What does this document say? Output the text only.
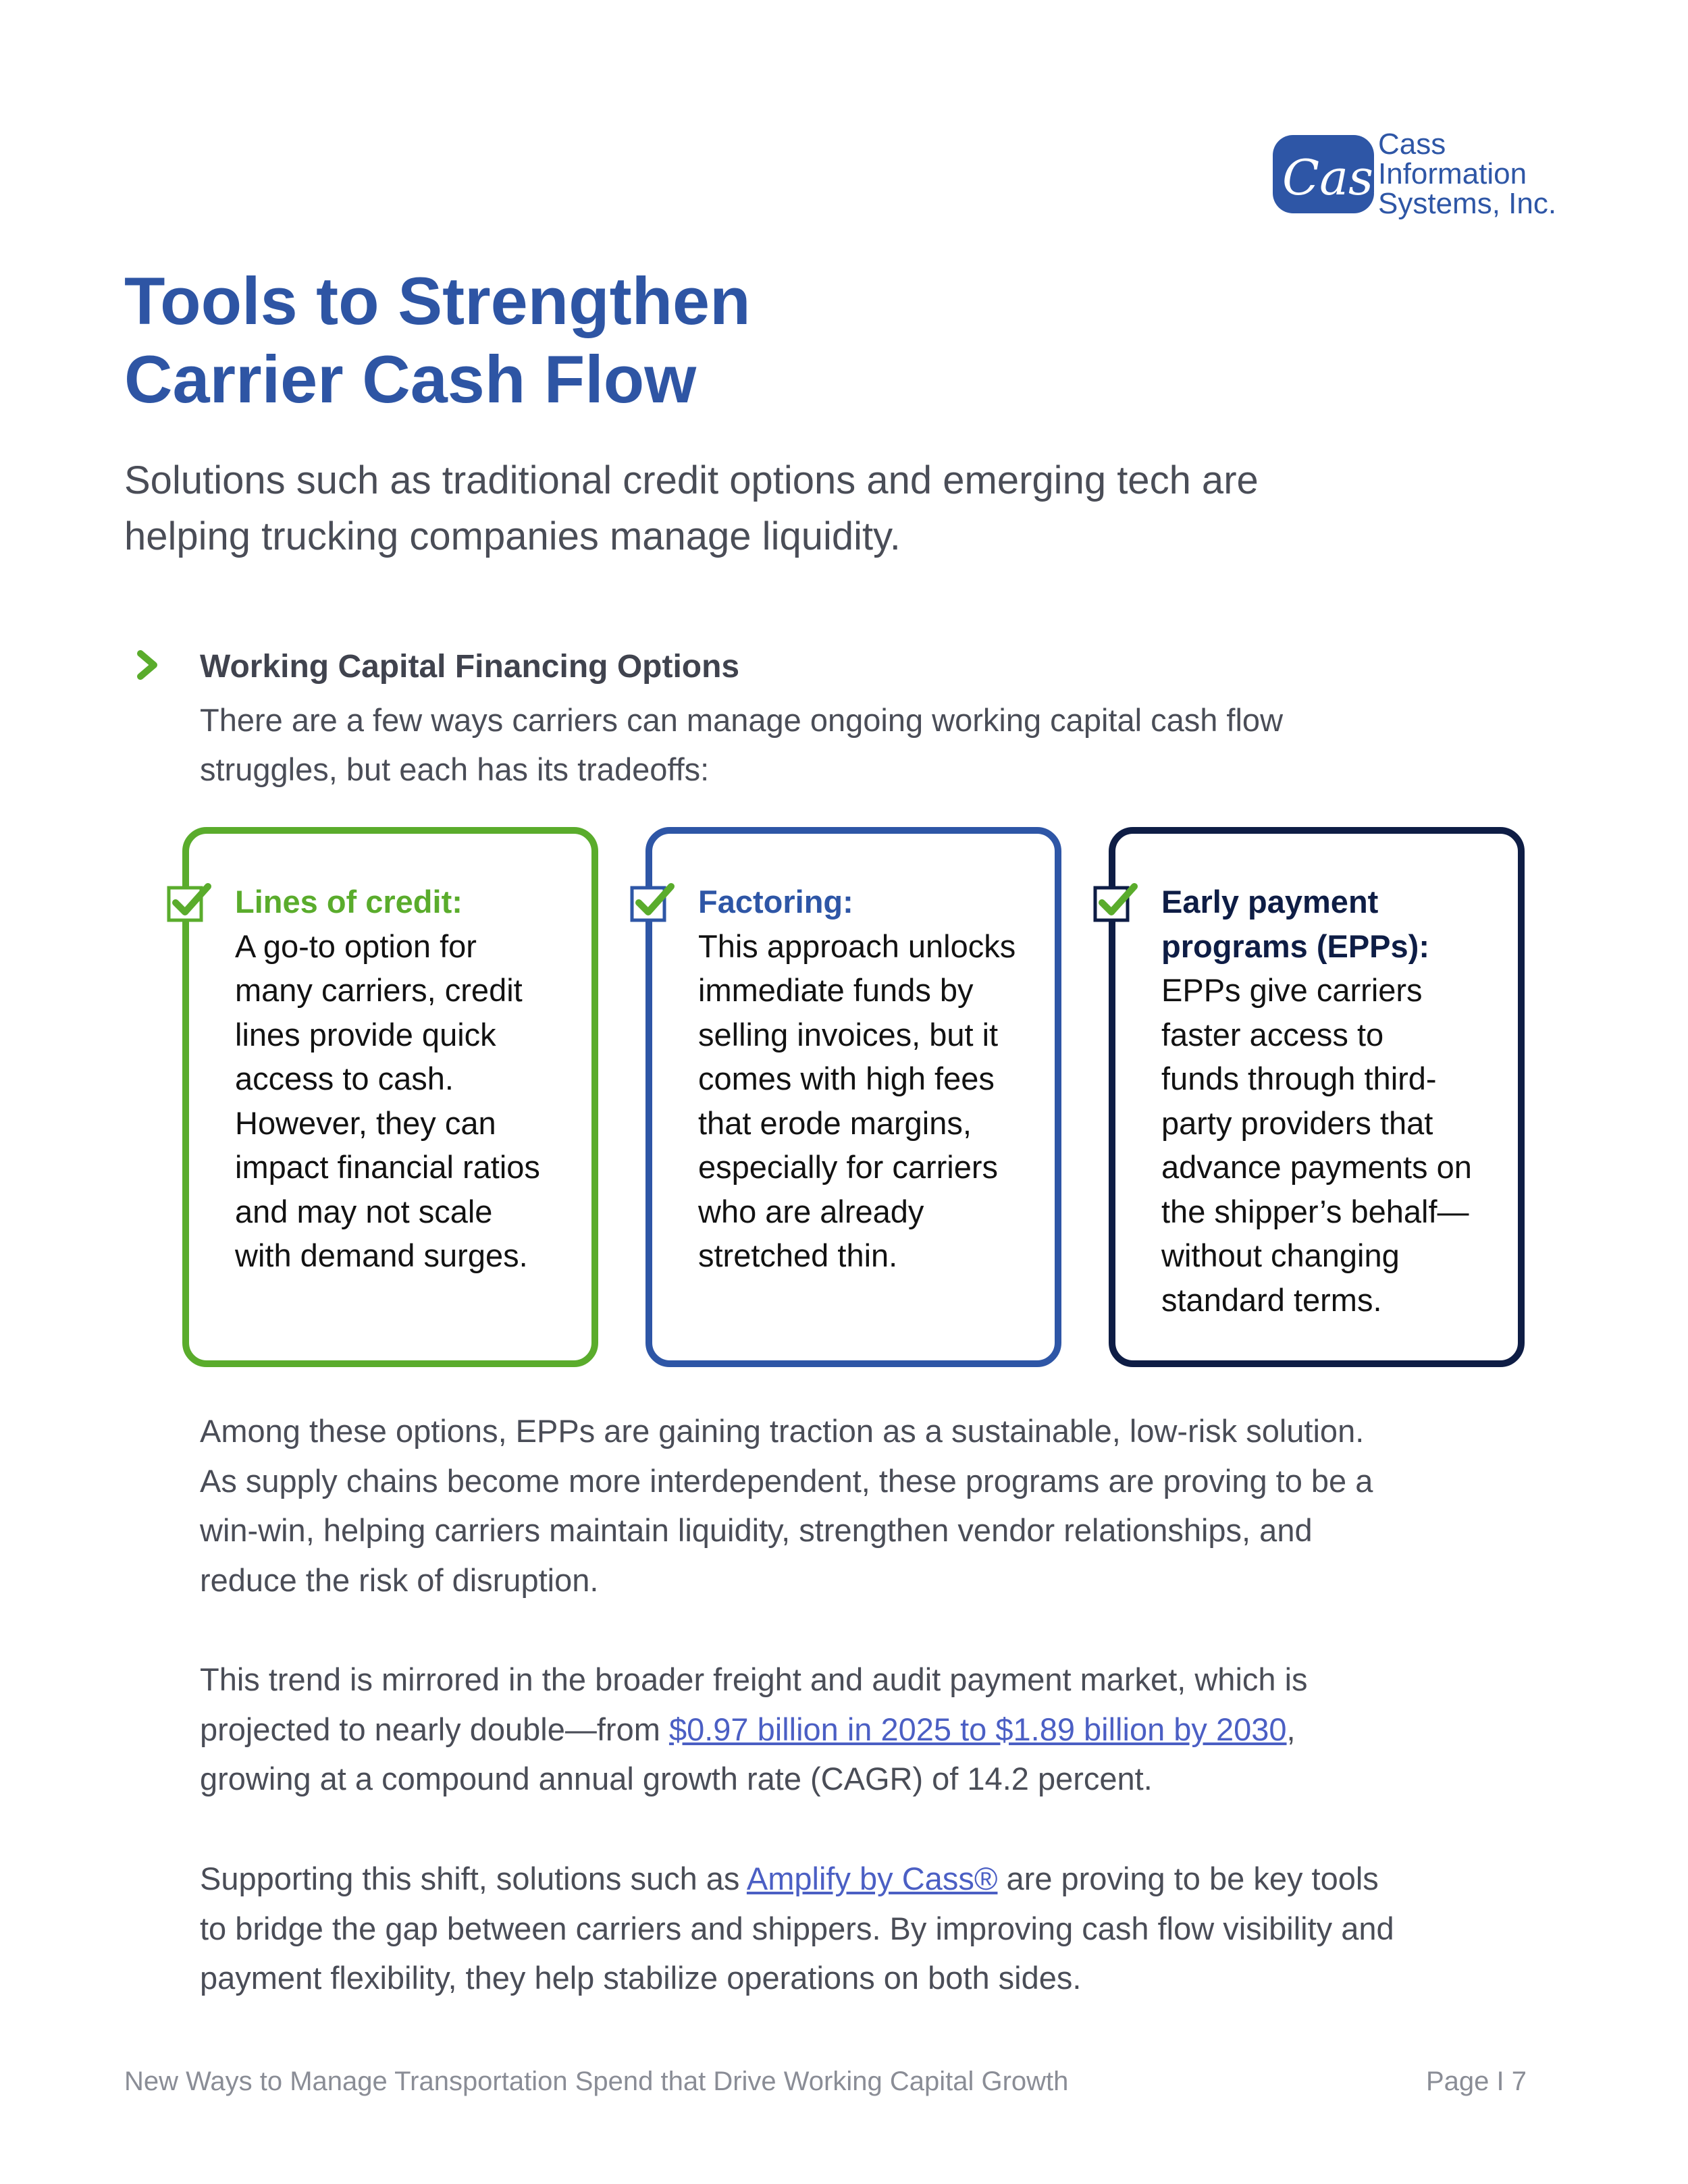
Cass
Cass
Information
Systems, Inc.
Tools to Strengthen
Carrier Cash Flow

Solutions such as traditional credit options and emerging tech are
helping trucking companies manage liquidity.

Working Capital Financing Options
There are a few ways carriers can manage ongoing working capital cash flow
struggles, but each has its tradeoffs:
Lines of credit:
A go-to option for
many carriers, credit
lines provide quick
access to cash.
However, they can
impact financial ratios
and may not scale
with demand surges.
Factoring:
This approach unlocks
immediate funds by
selling invoices, but it
comes with high fees
that erode margins,
especially for carriers
who are already
stretched thin.
Early payment
programs (EPPs):
EPPs give carriers
faster access to
funds through third-
party providers that
advance payments on
the shipper’s behalf—
without changing
standard terms.
Among these options, EPPs are gaining traction as a sustainable, low-risk solution.
As supply chains become more interdependent, these programs are proving to be a
win-win, helping carriers maintain liquidity, strengthen vendor relationships, and
reduce the risk of disruption.
This trend is mirrored in the broader freight and audit payment market, which is
projected to nearly double—from $0.97 billion in 2025 to $1.89 billion by 2030,
growing at a compound annual growth rate (CAGR) of 14.2 percent.
Supporting this shift, solutions such as Amplify by Cass® are proving to be key tools
to bridge the gap between carriers and shippers. By improving cash flow visibility and
payment flexibility, they help stabilize operations on both sides.
New Ways to Manage Transportation Spend that Drive Working Capital Growth	Page I 7
